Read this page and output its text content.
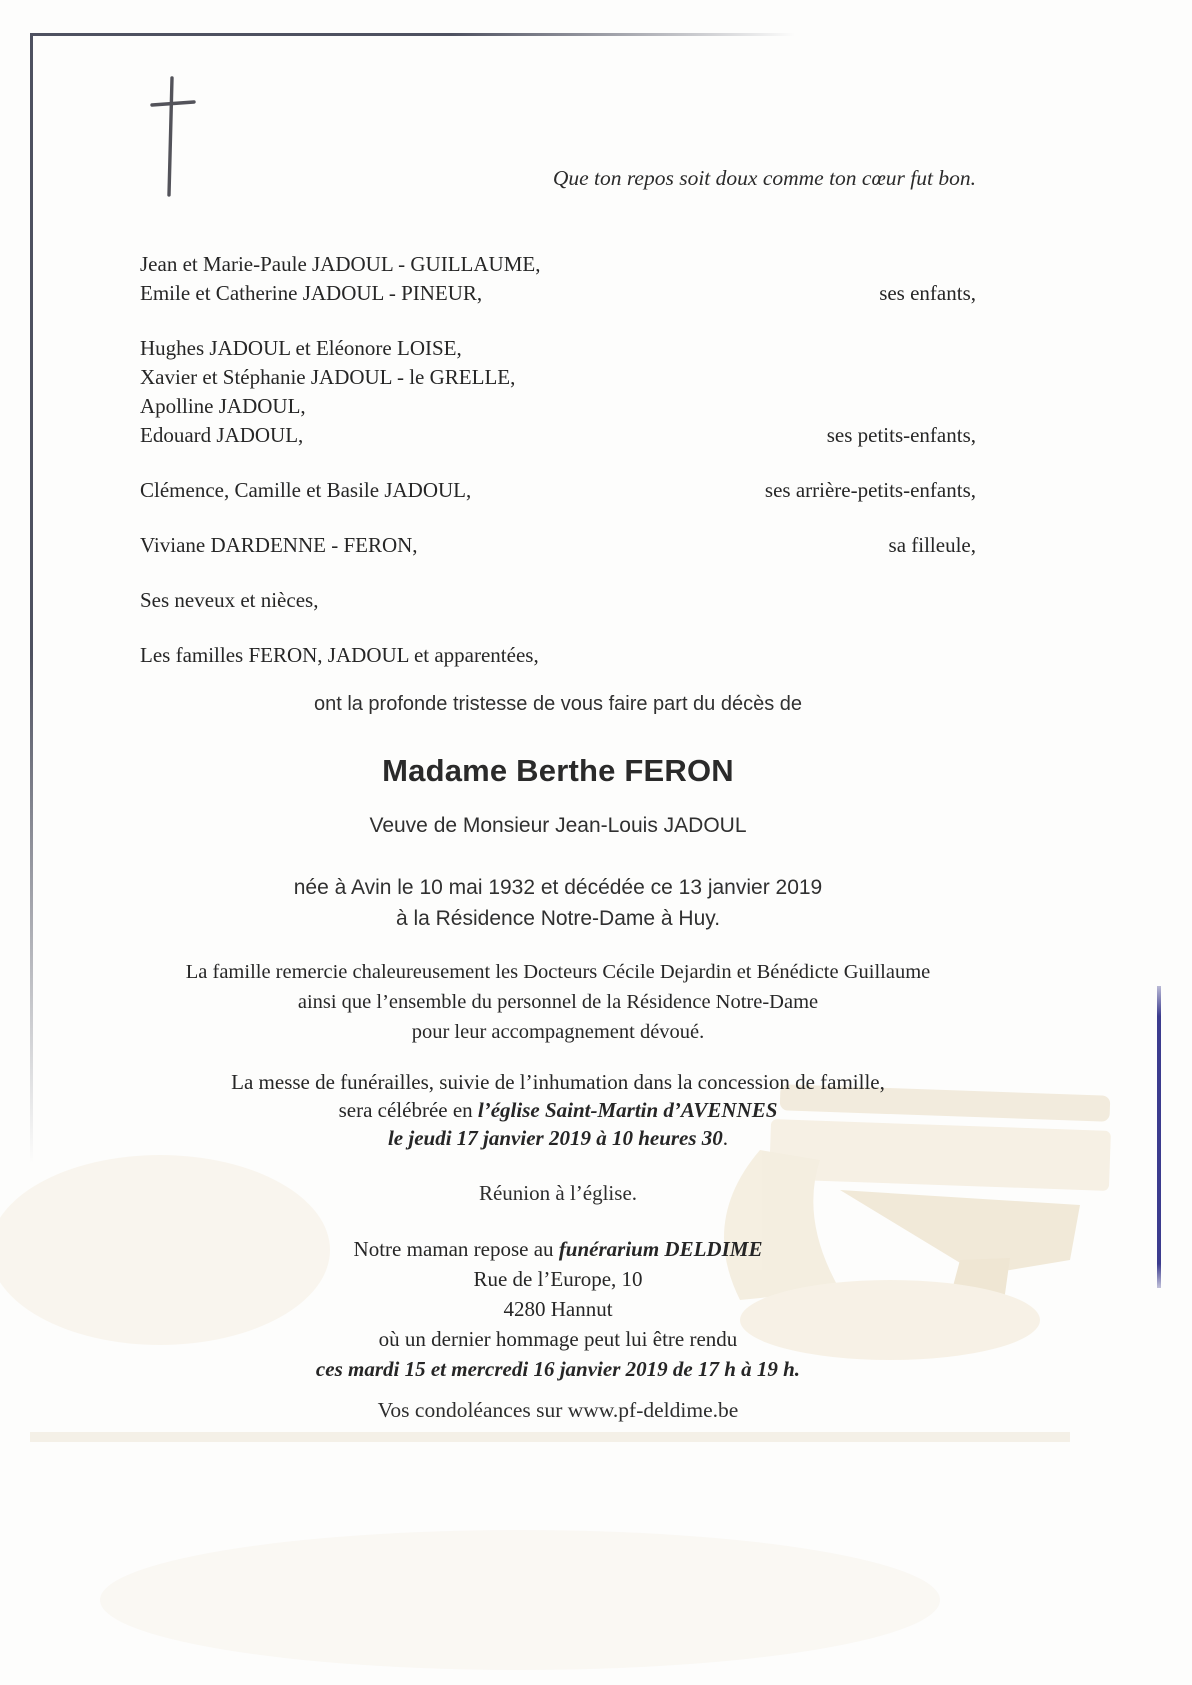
Que ton repos soit doux comme ton cœur fut bon.
Jean et Marie-Paule JADOUL - GUILLAUME,
Emile et Catherine JADOUL - PINEUR,	ses enfants,
Hughes JADOUL et Eléonore LOISE,
Xavier et Stéphanie JADOUL - le GRELLE,
Apolline JADOUL,
Edouard JADOUL,	ses petits-enfants,
Clémence, Camille et Basile JADOUL,	ses arrière-petits-enfants,
Viviane DARDENNE - FERON,	sa filleule,
Ses neveux et nièces,
Les familles FERON, JADOUL et apparentées,
ont la profonde tristesse de vous faire part du décès de
Madame Berthe FERON
Veuve de Monsieur Jean-Louis JADOUL
née à Avin le 10 mai 1932 et décédée ce 13 janvier 2019
à la Résidence Notre-Dame à Huy.
La famille remercie chaleureusement les Docteurs Cécile Dejardin et Bénédicte Guillaume
ainsi que l’ensemble du personnel de la Résidence Notre-Dame
pour leur accompagnement dévoué.
La messe de funérailles, suivie de l’inhumation dans la concession de famille,
sera célébrée en l’église Saint-Martin d’AVENNES
le jeudi 17 janvier 2019 à 10 heures 30.
Réunion à l’église.
Notre maman repose au funérarium DELDIME
Rue de l’Europe, 10
4280 Hannut
où un dernier hommage peut lui être rendu
ces mardi 15 et mercredi 16 janvier 2019 de 17 h à 19 h.
Vos condoléances sur www.pf-deldime.be
